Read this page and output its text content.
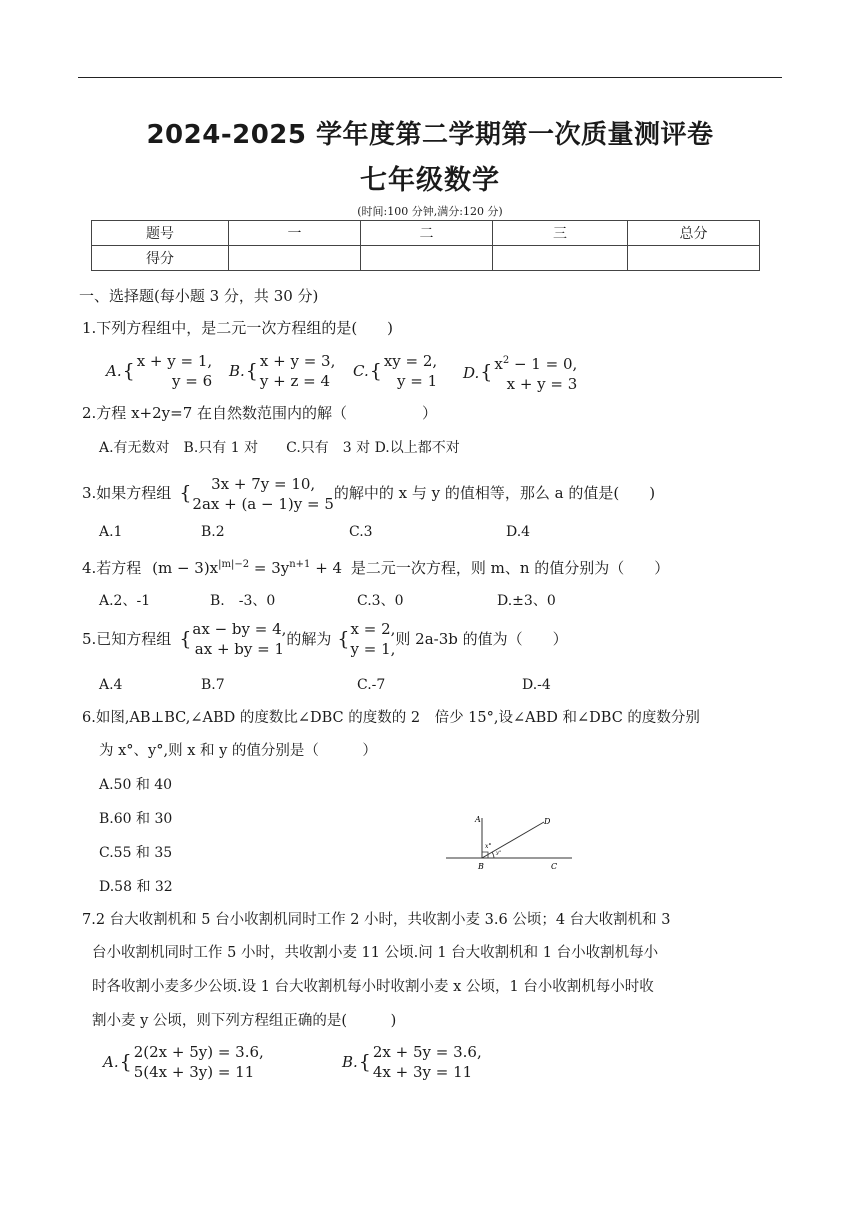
2024-2025 学年度第二学期第一次质量测评卷
七年级数学
(时间:100 分钟,满分:120 分)
题号	一	二	三	总分
得分				
一、选择题(每小题 3 分，共 30 分)
1.下列方程组中，是二元一次方程组的是(　　)
A. { x + y = 1,
y = 6
B. { x + y = 3,
y + z = 4
C. { xy = 2,
y = 1 D. { $x^2 - 1 = 0$,
x + y = 3
2.方程 x+2y=7 在自然数范围内的解（　　　　　）
A.有无数对　B.只有 1 对　　C.只有　3 对 D.以上都不对
3.如果方程组 {	3x + 7y = 10,
2ax + (a − 1)y = 5
的解中的 x 与 y 的值相等，那么 a 的值是(　　)
A.1	B.2	C.3	D.4
4.若方程 $(m - 3)x^{|m|-2} = 3y^{n+1} + 4$ 是二元一次方程，则 m、n 的值分别为（　　）
A.2、-1	B.　-3、0	C.3、0	D.±3、0
5.已知方程组 { ax − by = 4,
ax + by = 1
的解为 { x = 2,
y = 1,
则 2a-3b 的值为（　　）
A.4	B.7	C.-7	D.-4
6.如图,AB⊥BC,∠ABD 的度数比∠DBC 的度数的 2　倍少 15°,设∠ABD 和∠DBC 的度数分别
为 x°、y°,则 x 和 y 的值分别是（　　　）
A.50 和 40
B.60 和 30
C.55 和 35
D.58 和 32
A
B	C
D
x°
y°
7.2 台大收割机和 5 台小收割机同时工作 2 小时，共收割小麦 3.6 公顷；4 台大收割机和 3
台小收割机同时工作 5 小时，共收割小麦 11 公顷.问 1 台大收割机和 1 台小收割机每小
时各收割小麦多少公顷.设 1 台大收割机每小时收割小麦 x 公顷，1 台小收割机每小时收
割小麦 y 公顷，则下列方程组正确的是(　　　)
A. { 2(2x + 5y) = 3.6,
5(4x + 3y) = 11
B. { 2x + 5y = 3.6,
4x + 3y = 11
